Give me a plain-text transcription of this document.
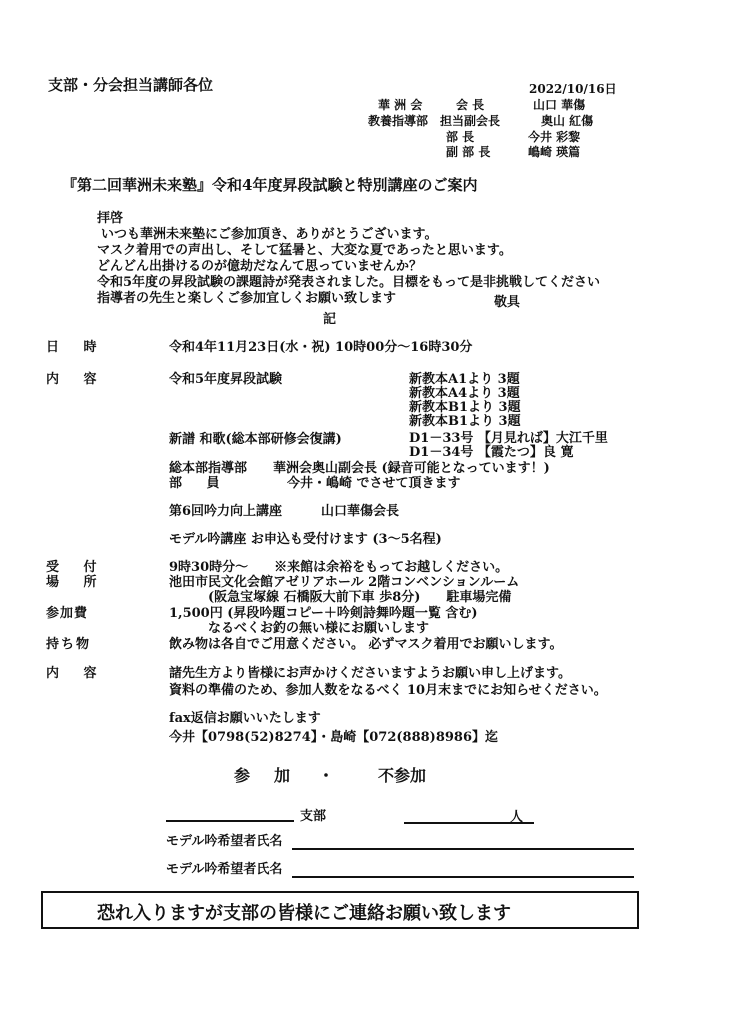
支部・分会担当講師各位	2022/10/16日
華 洲 会	会 長	山口 華傷
教養指導部 担当副会長	奥山 紅傷
部 長	今井 彩黎
副 部 長	嶋崎 瑛篇
『第二回華洲未来塾』令和4年度昇段試験と特別講座のご案内
拝啓
いつも華洲未来塾にご参加頂き、ありがとうございます。
マスク着用での声出し、そして猛暑と、大変な夏であったと思います。
どんどん出掛けるのが億劫だなんて思っていませんか？
令和5年度の昇段試験の課題詩が発表されました。目標をもって是非挑戦してください
指導者の先生と楽しくご参加宜しくお願い致します	敬具
記
日 時	令和4年11月23日(水・祝) 10時00分～16時30分
内 容	令和5年度昇段試験	新教本A1より 3題
新教本A4より 3題
新教本B1より 3題
新教本B1より 3題
新譜 和歌(総本部研修会復講)	D1－33号 【月見れば】大江千里
D1－34号 【霞たつ】良 寛
総本部指導部　　華洲会奥山副会長 (録音可能となっています！)
部 員	今井・嶋崎 でさせて頂きます
第6回吟力向上講座　　　山口華傷会長
モデル吟講座 お申込も受付けます (3～5名程)
受 付	9時30時分～　　※来館は余裕をもってお越しください。
場 所	池田市民文化会館アゼリアホール 2階コンベンションルーム
(阪急宝塚線 石橋阪大前下車 歩8分)　　駐車場完備
参加費	1,500円 (昇段吟題コピー＋吟剣詩舞吟題一覧 含む)
なるべくお釣の無い様にお願いします
持ち物	飲み物は各自でご用意ください。 必ずマスク着用でお願いします。
内 容	諸先生方より皆様にお声かけくださいますようお願い申し上げます。
資料の準備のため、参加人数をなるべく 10月末までにお知らせください。
fax返信お願いいたします
今井【0798(52)8274】・島崎【072(888)8986】迄
参　加 ・	不参加
支部	人
モデル吟希望者氏名
モデル吟希望者氏名
恐れ入りますが支部の皆様にご連絡お願い致します
